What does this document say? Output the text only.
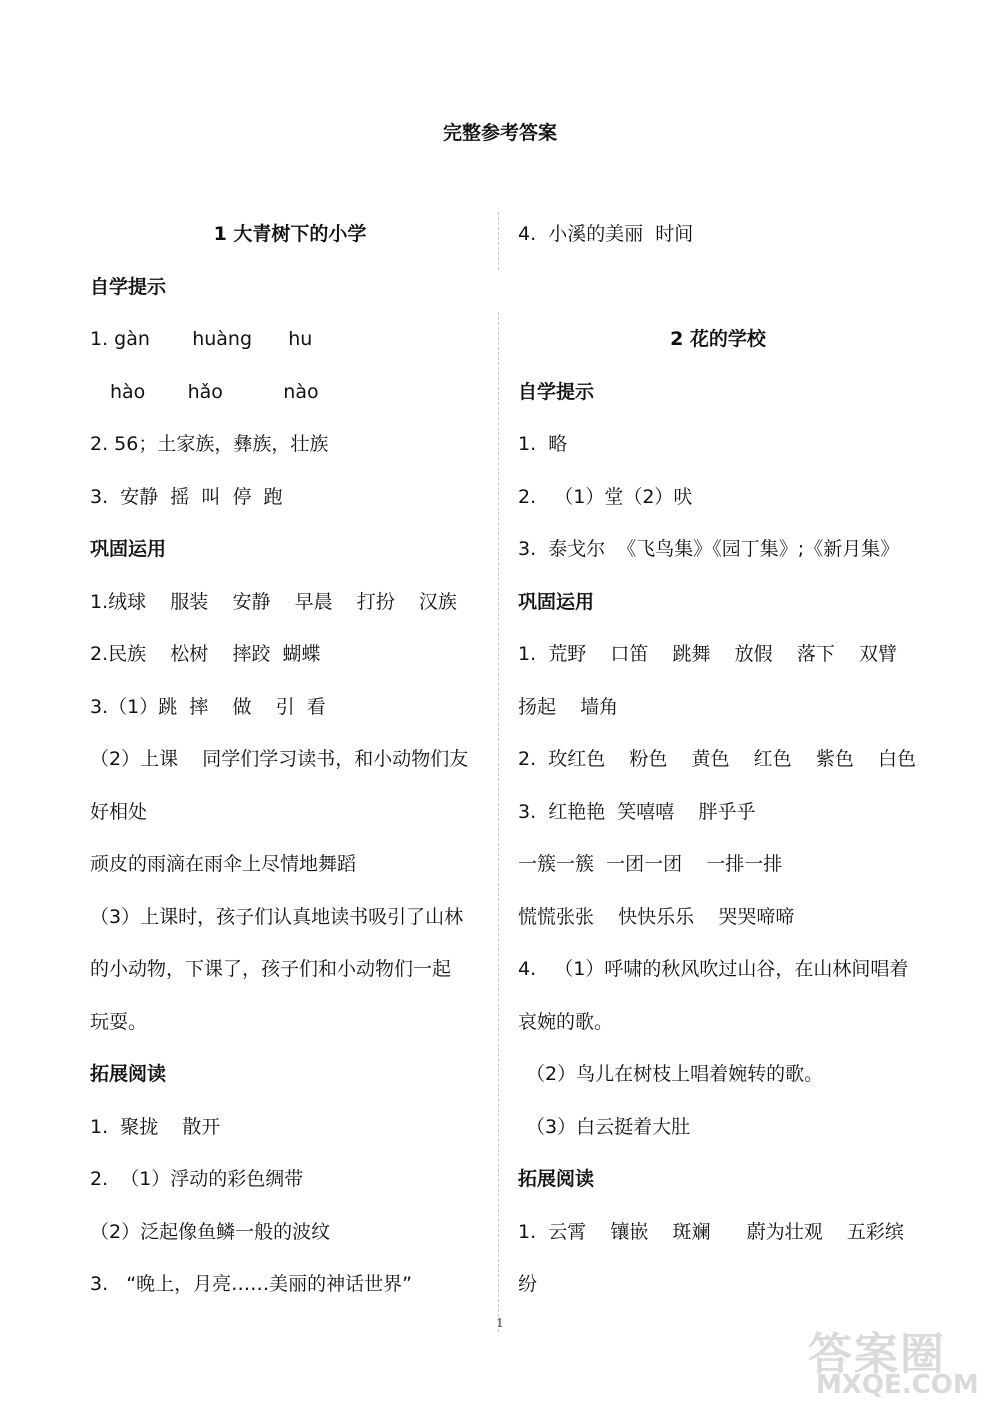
完整参考答案
1 大青树下的小学
自学提示
1. gàn       huàng      hu
hào       hǎo          nào
2. 56；土家族，彝族，壮族
3.  安静  摇  叫  停  跑
巩固运用
1.绒球    服装    安静    早晨    打扮    汉族
2.民族    松树    摔跤  蝴蝶
3.（1）跳  摔    做    引  看
（2）上课    同学们学习读书，和小动物们友
好相处
顽皮的雨滴在雨伞上尽情地舞蹈
（3）上课时，孩子们认真地读书吸引了山林
的小动物，下课了，孩子们和小动物们一起
玩耍。
拓展阅读
1.  聚拢    散开
2.  （1）浮动的彩色绸带
（2）泛起像鱼鳞一般的波纹
3.   “晚上，月亮……美丽的神话世界”
4.  小溪的美丽  时间
2 花的学校
自学提示
1.  略
2.   （1）堂（2）吠
3.  泰戈尔  《飞鸟集》《园丁集》;《新月集》
巩固运用
1.  荒野    口笛    跳舞    放假    落下    双臂
扬起    墙角
2.  玫红色    粉色    黄色    红色    紫色    白色
3.  红艳艳  笑嘻嘻    胖乎乎
一簇一簇  一团一团    一排一排
慌慌张张    快快乐乐    哭哭啼啼
4.   （1）呼啸的秋风吹过山谷，在山林间唱着
哀婉的歌。
（2）鸟儿在树枝上唱着婉转的歌。
（3）白云挺着大肚
拓展阅读
1.  云霄    镶嵌    斑斓      蔚为壮观    五彩缤
纷
1
答案圈
MXQE.COM
